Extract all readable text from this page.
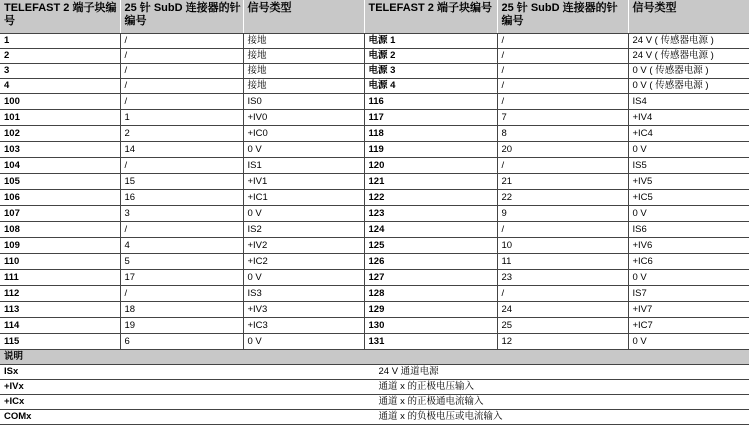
TELEFAST 2 端子块编号	25 针 SubD 连接器的针编号	信号类型	TELEFAST 2 端子块编号	25 针 SubD 连接器的针编号	信号类型
1	/	接地	电源 1	/	24 V ( 传感器电源 )
2	/	接地	电源 2	/	24 V ( 传感器电源 )
3	/	接地	电源 3	/	0 V ( 传感器电源 )
4	/	接地	电源 4	/	0 V ( 传感器电源 )
100	/	IS0	116	/	IS4
101	1	+IV0	117	7	+IV4
102	2	+IC0	118	8	+IC4
103	14	0 V	119	20	0 V
104	/	IS1	120	/	IS5
105	15	+IV1	121	21	+IV5
106	16	+IC1	122	22	+IC5
107	3	0 V	123	9	0 V
108	/	IS2	124	/	IS6
109	4	+IV2	125	10	+IV6
110	5	+IC2	126	11	+IC6
111	17	0 V	127	23	0 V
112	/	IS3	128	/	IS7
113	18	+IV3	129	24	+IV7
114	19	+IC3	130	25	+IC7
115	6	0 V	131	12	0 V
说明	
ISx	24 V 通道电源
+IVx	通道 x 的正极电压输入
+ICx	通道 x 的正极通电流输入
COMx	通道 x 的负极电压或电流输入
